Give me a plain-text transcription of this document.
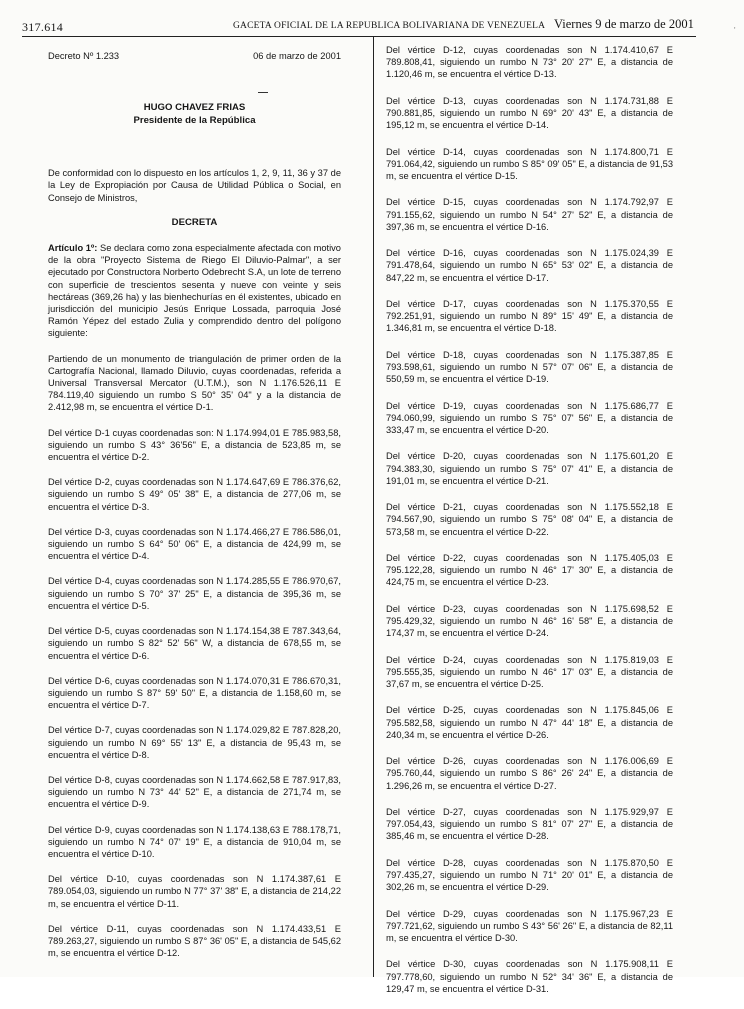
317.614	GACETA OFICIAL DE LA REPUBLICA BOLIVARIANA DE VENEZUELA Viernes 9 de marzo de 2001	'
Decreto Nº 1.233	06 de marzo de 2001
HUGO CHAVEZ FRIAS
Presidente de la República

De conformidad con lo dispuesto en los artículos 1, 2, 9, 11, 36 y 37 de la Ley de Expropiación por Causa de Utilidad Pública o Social, en Consejo de Ministros,

DECRETA

Artículo 1º: Se declara como zona especialmente afectada con motivo de la obra "Proyecto Sistema de Riego El Diluvio-Palmar", a ser ejecutado por Constructora Norberto Odebrecht S.A, un lote de terreno con superficie de trescientos sesenta y nueve con veinte y seis hectáreas (369,26 ha) y las bienhechurías en él existentes, ubicado en jurisdicción del municipio Jesús Enrique Lossada, parroquia José Ramón Yépez del estado Zulia y comprendido dentro del polígono siguiente:

Partiendo de un monumento de triangulación de primer orden de la Cartografía Nacional, llamado Diluvio, cuyas coordenadas, referida a Universal Transversal Mercator (U.T.M.), son N 1.176.526,11 E 784.119,40 siguiendo un rumbo S 50° 35' 04" y a la distancia de 2.412,98 m, se encuentra el vértice D-1.

Del vértice D-1 cuyas coordenadas son: N 1.174.994,01 E 785.983,58, siguiendo un rumbo S 43° 36'56" E, a distancia de 523,85 m, se encuentra el vértice D-2.

Del vértice D-2, cuyas coordenadas son N 1.174.647,69 E 786.376,62, siguiendo un rumbo S 49° 05' 38" E, a distancia de 277,06 m, se encuentra el vértice D-3.

Del vértice D-3, cuyas coordenadas son N 1.174.466,27 E 786.586,01, siguiendo un rumbo S 64° 50' 06" E, a distancia de 424,99 m, se encuentra el vértice D-4.

Del vértice D-4, cuyas coordenadas son N 1.174.285,55 E 786.970,67, siguiendo un rumbo S 70° 37' 25" E, a distancia de 395,36 m, se encuentra el vértice D-5.

Del vértice D-5, cuyas coordenadas son N 1.174.154,38 E 787.343,64, siguiendo un rumbo S 82° 52' 56" W, a distancia de 678,55 m, se encuentra el vértice D-6.

Del vértice D-6, cuyas coordenadas son N 1.174.070,31 E 786.670,31, siguiendo un rumbo S 87° 59' 50" E, a distancia de 1.158,60 m, se encuentra el vértice D-7.

Del vértice D-7, cuyas coordenadas son N 1.174.029,82 E 787.828,20, siguiendo un rumbo N 69° 55' 13" E, a distancia de 95,43 m, se encuentra el vértice D-8.

Del vértice D-8, cuyas coordenadas son N 1.174.662,58 E 787.917,83, siguiendo un rumbo N 73° 44' 52" E, a distancia de 271,74 m, se encuentra el vértice D-9.

Del vértice D-9, cuyas coordenadas son N 1.174.138,63 E 788.178,71, siguiendo un rumbo N 74° 07' 19" E, a distancia de 910,04 m, se encuentra el vértice D-10.

Del vértice D-10, cuyas coordenadas son N 1.174.387,61 E 789.054,03, siguiendo un rumbo N 77° 37' 38" E, a distancia de 214,22 m, se encuentra el vértice D-11.

Del vértice D-11, cuyas coordenadas son N 1.174.433,51 E 789.263,27, siguiendo un rumbo S 87° 36' 05" E, a distancia de 545,62 m, se encuentra el vértice D-12.

Del vértice D-12, cuyas coordenadas son N 1.174.410,67 E 789.808,41, siguiendo un rumbo N 73° 20' 27" E, a distancia de 1.120,46 m, se encuentra el vértice D-13.

Del vértice D-13, cuyas coordenadas son N 1.174.731,88 E 790.881,85, siguiendo un rumbo N 69° 20' 43" E, a distancia de 195,12 m, se encuentra el vértice D-14.

Del vértice D-14, cuyas coordenadas son N 1.174.800,71 E 791.064,42, siguiendo un rumbo S 85° 09' 05" E, a distancia de 91,53 m, se encuentra el vértice D-15.

Del vértice D-15, cuyas coordenadas son N 1.174.792,97 E 791.155,62, siguiendo un rumbo N 54° 27' 52" E, a distancia de 397,36 m, se encuentra el vértice D-16.

Del vértice D-16, cuyas coordenadas son N 1.175.024,39 E 791.478,64, siguiendo un rumbo N 65° 53' 02" E, a distancia de 847,22 m, se encuentra el vértice D-17.

Del vértice D-17, cuyas coordenadas son N 1.175.370,55 E 792.251,91, siguiendo un rumbo N 89° 15' 49" E, a distancia de 1.346,81 m, se encuentra el vértice D-18.

Del vértice D-18, cuyas coordenadas son N 1.175.387,85 E 793.598,61, siguiendo un rumbo N 57° 07' 06" E, a distancia de 550,59 m, se encuentra el vértice D-19.

Del vértice D-19, cuyas coordenadas son N 1.175.686,77 E 794.060,99, siguiendo un rumbo S 75° 07' 56" E, a distancia de 333,47 m, se encuentra el vértice D-20.

Del vértice D-20, cuyas coordenadas son N 1.175.601,20 E 794.383,30, siguiendo un rumbo S 75° 07' 41" E, a distancia de 191,01 m, se encuentra el vértice D-21.

Del vértice D-21, cuyas coordenadas son N 1.175.552,18 E 794.567,90, siguiendo un rumbo S 75° 08' 04" E, a distancia de 573,58 m, se encuentra el vértice D-22.

Del vértice D-22, cuyas coordenadas son N 1.175.405,03 E 795.122,28, siguiendo un rumbo N 46° 17' 30" E, a distancia de 424,75 m, se encuentra el vértice D-23.

Del vértice D-23, cuyas coordenadas son N 1.175.698,52 E 795.429,32, siguiendo un rumbo N 46° 16' 58" E, a distancia de 174,37 m, se encuentra el vértice D-24.

Del vértice D-24, cuyas coordenadas son N 1.175.819,03 E 795.555,35, siguiendo un rumbo N 46° 17' 03" E, a distancia de 37,67 m, se encuentra el vértice D-25.

Del vértice D-25, cuyas coordenadas son N 1.175.845,06 E 795.582,58, siguiendo un rumbo N 47° 44' 18" E, a distancia de 240,34 m, se encuentra el vértice D-26.

Del vértice D-26, cuyas coordenadas son N 1.176.006,69 E 795.760,44, siguiendo un rumbo S 86° 26' 24" E, a distancia de 1.296,26 m, se encuentra el vértice D-27.

Del vértice D-27, cuyas coordenadas son N 1.175.929,97 E 797.054,43, siguiendo un rumbo S 81° 07' 27" E, a distancia de 385,46 m, se encuentra el vértice D-28.

Del vértice D-28, cuyas coordenadas son N 1.175.870,50 E 797.435,27, siguiendo un rumbo N 71° 20' 01" E, a distancia de 302,26 m, se encuentra el vértice D-29.

Del vértice D-29, cuyas coordenadas son N 1.175.967,23 E 797.721,62, siguiendo un rumbo S 43° 56' 26" E, a distancia de 82,11 m, se encuentra el vértice D-30.

Del vértice D-30, cuyas coordenadas son N 1.175.908,11 E 797.778,60, siguiendo un rumbo N 52° 34' 36" E, a distancia de 129,47 m, se encuentra el vértice D-31.
